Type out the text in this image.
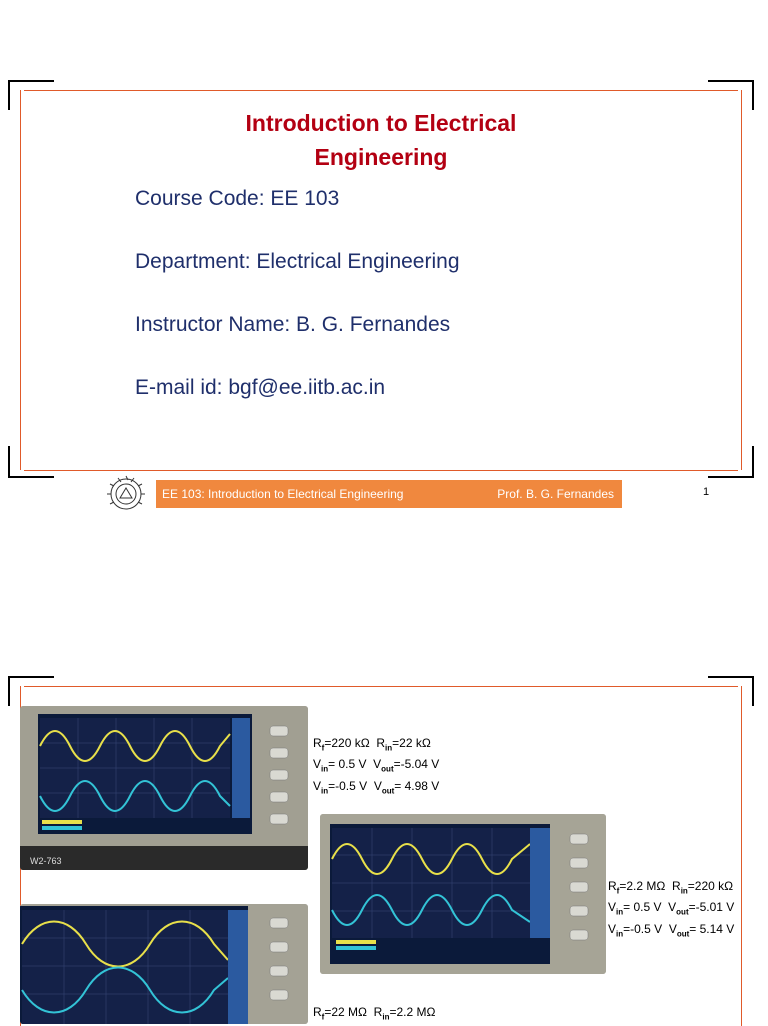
Introduction to Electrical
Engineering
Course Code: EE 103
Department: Electrical Engineering
Instructor Name: B. G. Fernandes
E-mail id: bgf@ee.iitb.ac.in
EE 103: Introduction to Electrical Engineering	Prof. B. G. Fernandes	1
W2-763
$R_f=220$ kΩ  $R_{in}=22$ kΩ
$V_{in}= 0.5$ V  $V_{out}=-5.04$ V
$V_{in}=-0.5$ V  $V_{out}= 4.98$ V
$R_f=2.2$ MΩ  $R_{in}=220$ kΩ
$V_{in}= 0.5$ V  $V_{out}=-5.01$ V
$V_{in}=-0.5$ V  $V_{out}= 5.14$ V
$R_f=22$ MΩ  $R_{in}=2.2$ MΩ
